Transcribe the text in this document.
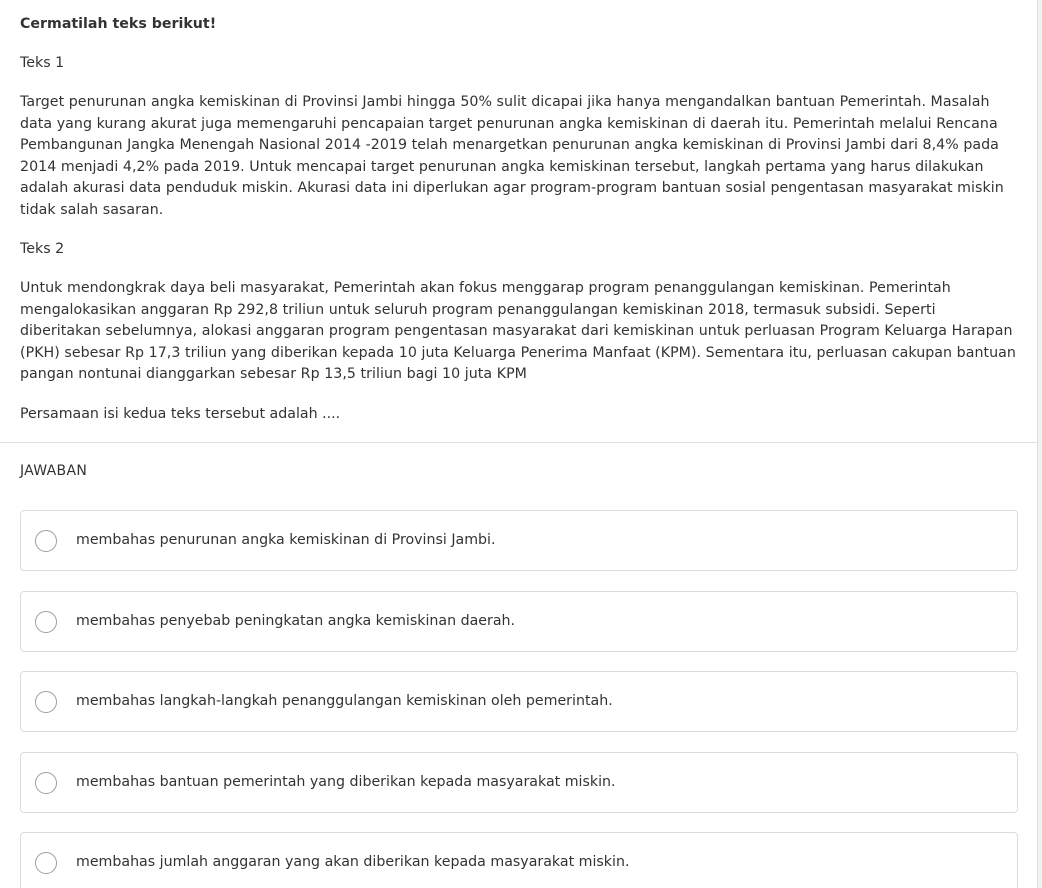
Cermatilah teks berikut!

Teks 1

Target penurunan angka kemiskinan di Provinsi Jambi hingga 50% sulit dicapai jika hanya mengandalkan bantuan Pemerintah. Masalah data yang kurang akurat juga memengaruhi pencapaian target penurunan angka kemiskinan di daerah itu. Pemerintah melalui Rencana Pembangunan Jangka Menengah Nasional 2014 -2019 telah menargetkan penurunan angka kemiskinan di Provinsi Jambi dari 8,4% pada 2014 menjadi 4,2% pada 2019. Untuk mencapai target penurunan angka kemiskinan tersebut, langkah pertama yang harus dilakukan adalah akurasi data penduduk miskin. Akurasi data ini diperlukan agar program-program bantuan sosial pengentasan masyarakat miskin tidak salah sasaran.

Teks 2

Untuk mendongkrak daya beli masyarakat, Pemerintah akan fokus menggarap program penanggulangan kemiskinan. Pemerintah mengalokasikan anggaran Rp 292,8 triliun untuk seluruh program penanggulangan kemiskinan 2018, termasuk subsidi. Seperti diberitakan sebelumnya, alokasi anggaran program pengentasan masyarakat dari kemiskinan untuk perluasan Program Keluarga Harapan (PKH) sebesar Rp 17,3 triliun yang diberikan kepada 10 juta Keluarga Penerima Manfaat (KPM). Sementara itu, perluasan cakupan bantuan pangan nontunai dianggarkan sebesar Rp 13,5 triliun bagi 10 juta KPM

Persamaan isi kedua teks tersebut adalah ....

JAWABAN
membahas penurunan angka kemiskinan di Provinsi Jambi.
membahas penyebab peningkatan angka kemiskinan daerah.
membahas langkah-langkah penanggulangan kemiskinan oleh pemerintah.
membahas bantuan pemerintah yang diberikan kepada masyarakat miskin.
membahas jumlah anggaran yang akan diberikan kepada masyarakat miskin.
